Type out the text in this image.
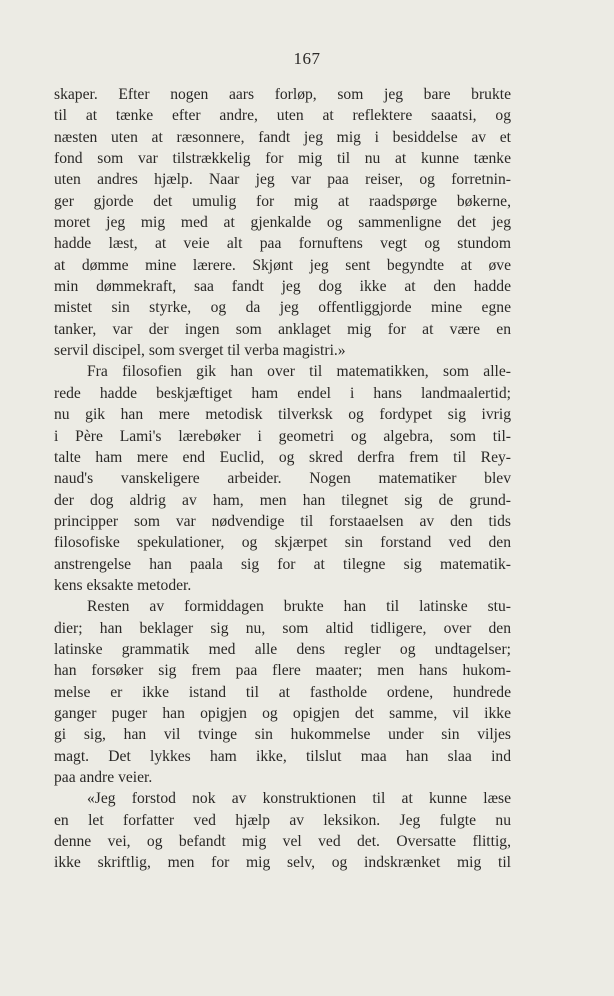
167
skaper. Efter nogen aars forløp, som jeg bare brukte
til at tænke efter andre, uten at reflektere saaatsi, og
næsten uten at ræsonnere, fandt jeg mig i besiddelse av et
fond som var tilstrækkelig for mig til nu at kunne tænke
uten andres hjælp. Naar jeg var paa reiser, og forretnin-
ger gjorde det umulig for mig at raadspørge bøkerne,
moret jeg mig med at gjenkalde og sammenligne det jeg
hadde læst, at veie alt paa fornuftens vegt og stundom
at dømme mine lærere. Skjønt jeg sent begyndte at øve
min dømmekraft, saa fandt jeg dog ikke at den hadde
mistet sin styrke, og da jeg offentliggjorde mine egne
tanker, var der ingen som anklaget mig for at være en
servil discipel, som sverget til verba magistri.»
Fra filosofien gik han over til matematikken, som alle-
rede hadde beskjæftiget ham endel i hans landmaalertid;
nu gik han mere metodisk tilverksk og fordypet sig ivrig
i Père Lami's lærebøker i geometri og algebra, som til-
talte ham mere end Euclid, og skred derfra frem til Rey-
naud's vanskeligere arbeider. Nogen matematiker blev
der dog aldrig av ham, men han tilegnet sig de grund-
principper som var nødvendige til forstaaelsen av den tids
filosofiske spekulationer, og skjærpet sin forstand ved den
anstrengelse han paala sig for at tilegne sig matematik-
kens eksakte metoder.
Resten av formiddagen brukte han til latinske stu-
dier; han beklager sig nu, som altid tidligere, over den
latinske grammatik med alle dens regler og undtagelser;
han forsøker sig frem paa flere maater; men hans hukom-
melse er ikke istand til at fastholde ordene, hundrede
ganger puger han opigjen og opigjen det samme, vil ikke
gi sig, han vil tvinge sin hukommelse under sin viljes
magt. Det lykkes ham ikke, tilslut maa han slaa ind
paa andre veier.
«Jeg forstod nok av konstruktionen til at kunne læse
en let forfatter ved hjælp av leksikon. Jeg fulgte nu
denne vei, og befandt mig vel ved det. Oversatte flittig,
ikke skriftlig, men for mig selv, og indskrænket mig til
